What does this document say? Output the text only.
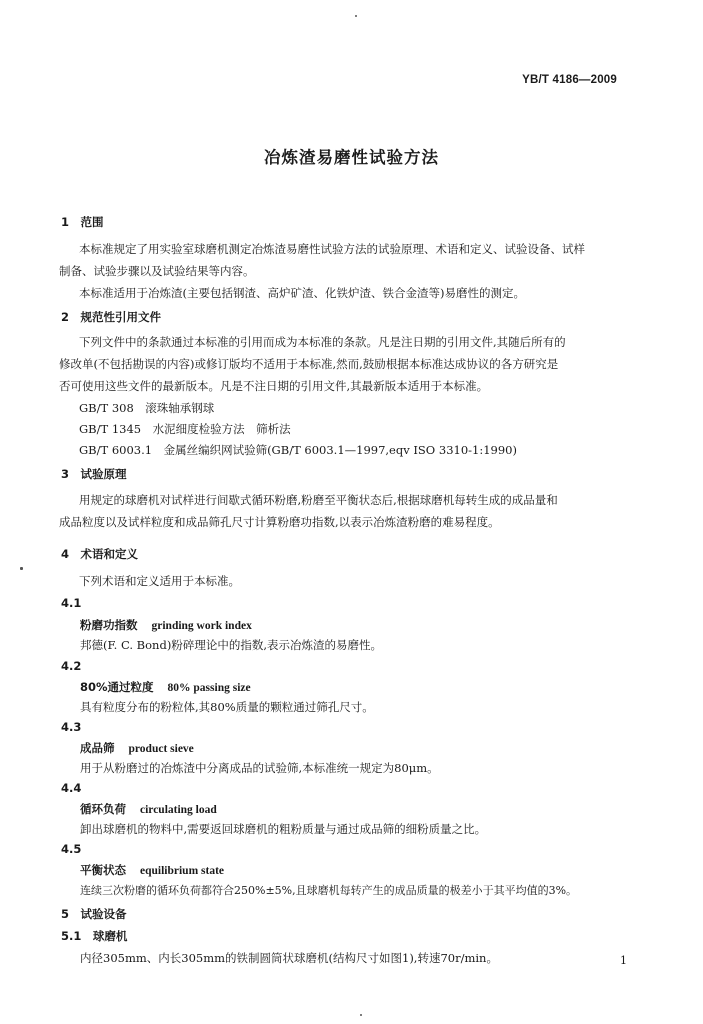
YB/T 4186—2009
冶炼渣易磨性试验方法
1　范围
本标准规定了用实验室球磨机测定冶炼渣易磨性试验方法的试验原理、术语和定义、试验设备、试样
制备、试验步骤以及试验结果等内容。
本标准适用于冶炼渣(主要包括钢渣、高炉矿渣、化铁炉渣、铁合金渣等)易磨性的测定。
2　规范性引用文件
下列文件中的条款通过本标准的引用而成为本标准的条款。凡是注日期的引用文件,其随后所有的
修改单(不包括勘误的内容)或修订版均不适用于本标准,然而,鼓励根据本标准达成协议的各方研究是
否可使用这些文件的最新版本。凡是不注日期的引用文件,其最新版本适用于本标准。
GB/T 308　滚珠轴承钢球
GB/T 1345　水泥细度检验方法　筛析法
GB/T 6003.1　金属丝编织网试验筛(GB/T 6003.1—1997,eqv ISO 3310-1:1990)
3　试验原理
用规定的球磨机对试样进行间歇式循环粉磨,粉磨至平衡状态后,根据球磨机每转生成的成品量和
成品粒度以及试样粒度和成品筛孔尺寸计算粉磨功指数,以表示冶炼渣粉磨的难易程度。
4　术语和定义
下列术语和定义适用于本标准。
4.1
粉磨功指数 grinding work index
邦德(F. C. Bond)粉碎理论中的指数,表示冶炼渣的易磨性。
4.2
80%通过粒度 80% passing size
具有粒度分布的粉粒体,其80%质量的颗粒通过筛孔尺寸。
4.3
成品筛 product sieve
用于从粉磨过的冶炼渣中分离成品的试验筛,本标准统一规定为80μm。
4.4
循环负荷 circulating load
卸出球磨机的物料中,需要返回球磨机的粗粉质量与通过成品筛的细粉质量之比。
4.5
平衡状态 equilibrium state
连续三次粉磨的循环负荷都符合250%±5%,且球磨机每转产生的成品质量的极差小于其平均值的3%。
5　试验设备
5.1　球磨机
内径305mm、内长305mm的铁制圆筒状球磨机(结构尺寸如图1),转速70r/min。	1
